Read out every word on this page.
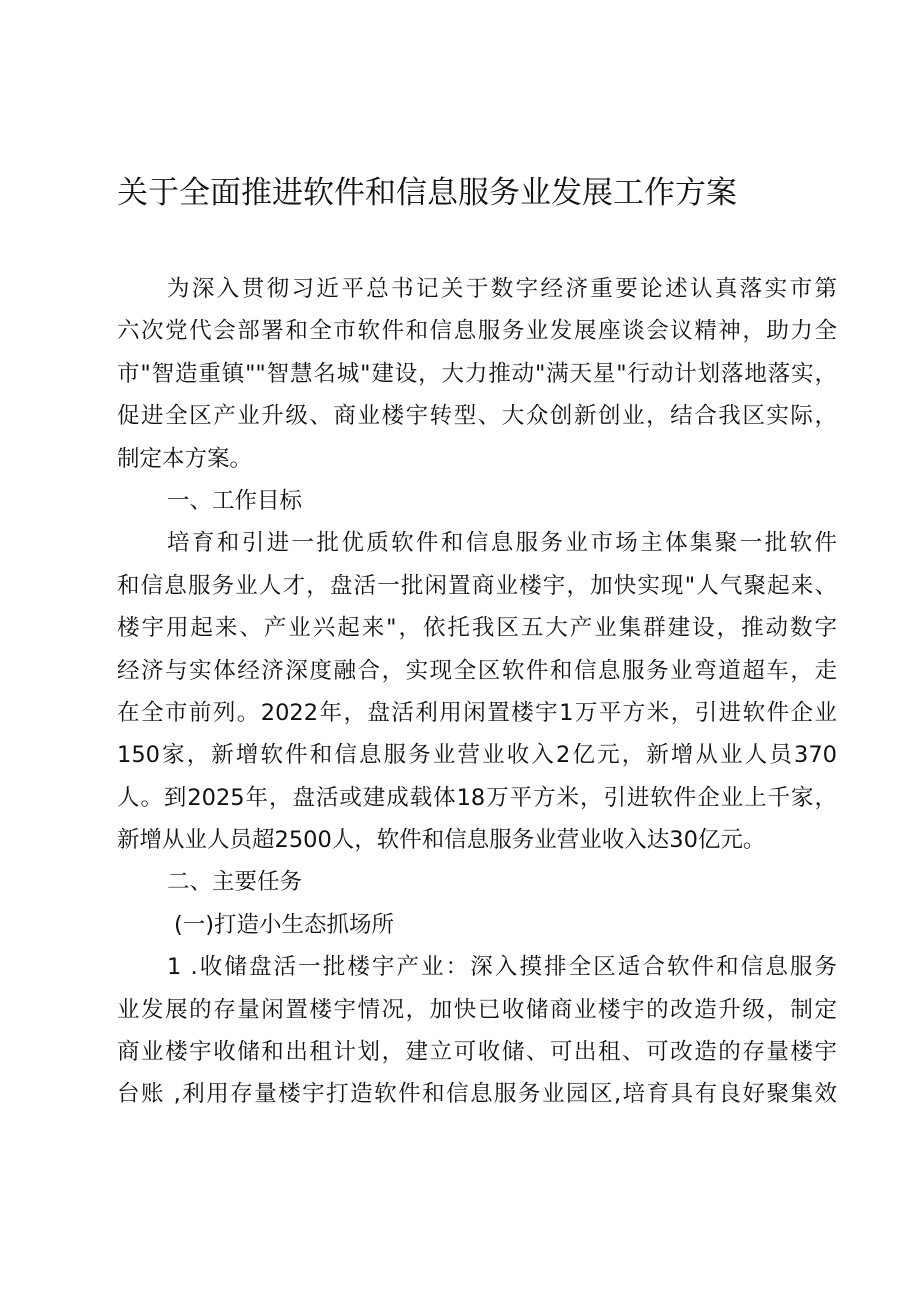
关于全面推进软件和信息服务业发展工作方案
为深入贯彻习近平总书记关于数字经济重要论述认真落实市第
六次党代会部署和全市软件和信息服务业发展座谈会议精神，助力全
市"智造重镇""智慧名城"建设，大力推动"满天星"行动计划落地落实，
促进全区产业升级、商业楼宇转型、大众创新创业，结合我区实际，
制定本方案。
一、工作目标
培育和引进一批优质软件和信息服务业市场主体集聚一批软件
和信息服务业人才，盘活一批闲置商业楼宇，加快实现"人气聚起来、
楼宇用起来、产业兴起来"，依托我区五大产业集群建设，推动数字
经济与实体经济深度融合，实现全区软件和信息服务业弯道超车，走
在全市前列。2022年，盘活利用闲置楼宇1万平方米，引进软件企业
150家，新增软件和信息服务业营业收入2亿元，新增从业人员370
人。到2025年，盘活或建成载体18万平方米，引进软件企业上千家，
新增从业人员超2500人，软件和信息服务业营业收入达30亿元。
二、主要任务
(一)打造小生态抓场所
1 .收储盘活一批楼宇产业：深入摸排全区适合软件和信息服务
业发展的存量闲置楼宇情况，加快已收储商业楼宇的改造升级，制定
商业楼宇收储和出租计划，建立可收储、可出租、可改造的存量楼宇
台账 ,利用存量楼宇打造软件和信息服务业园区,培育具有良好聚集效
